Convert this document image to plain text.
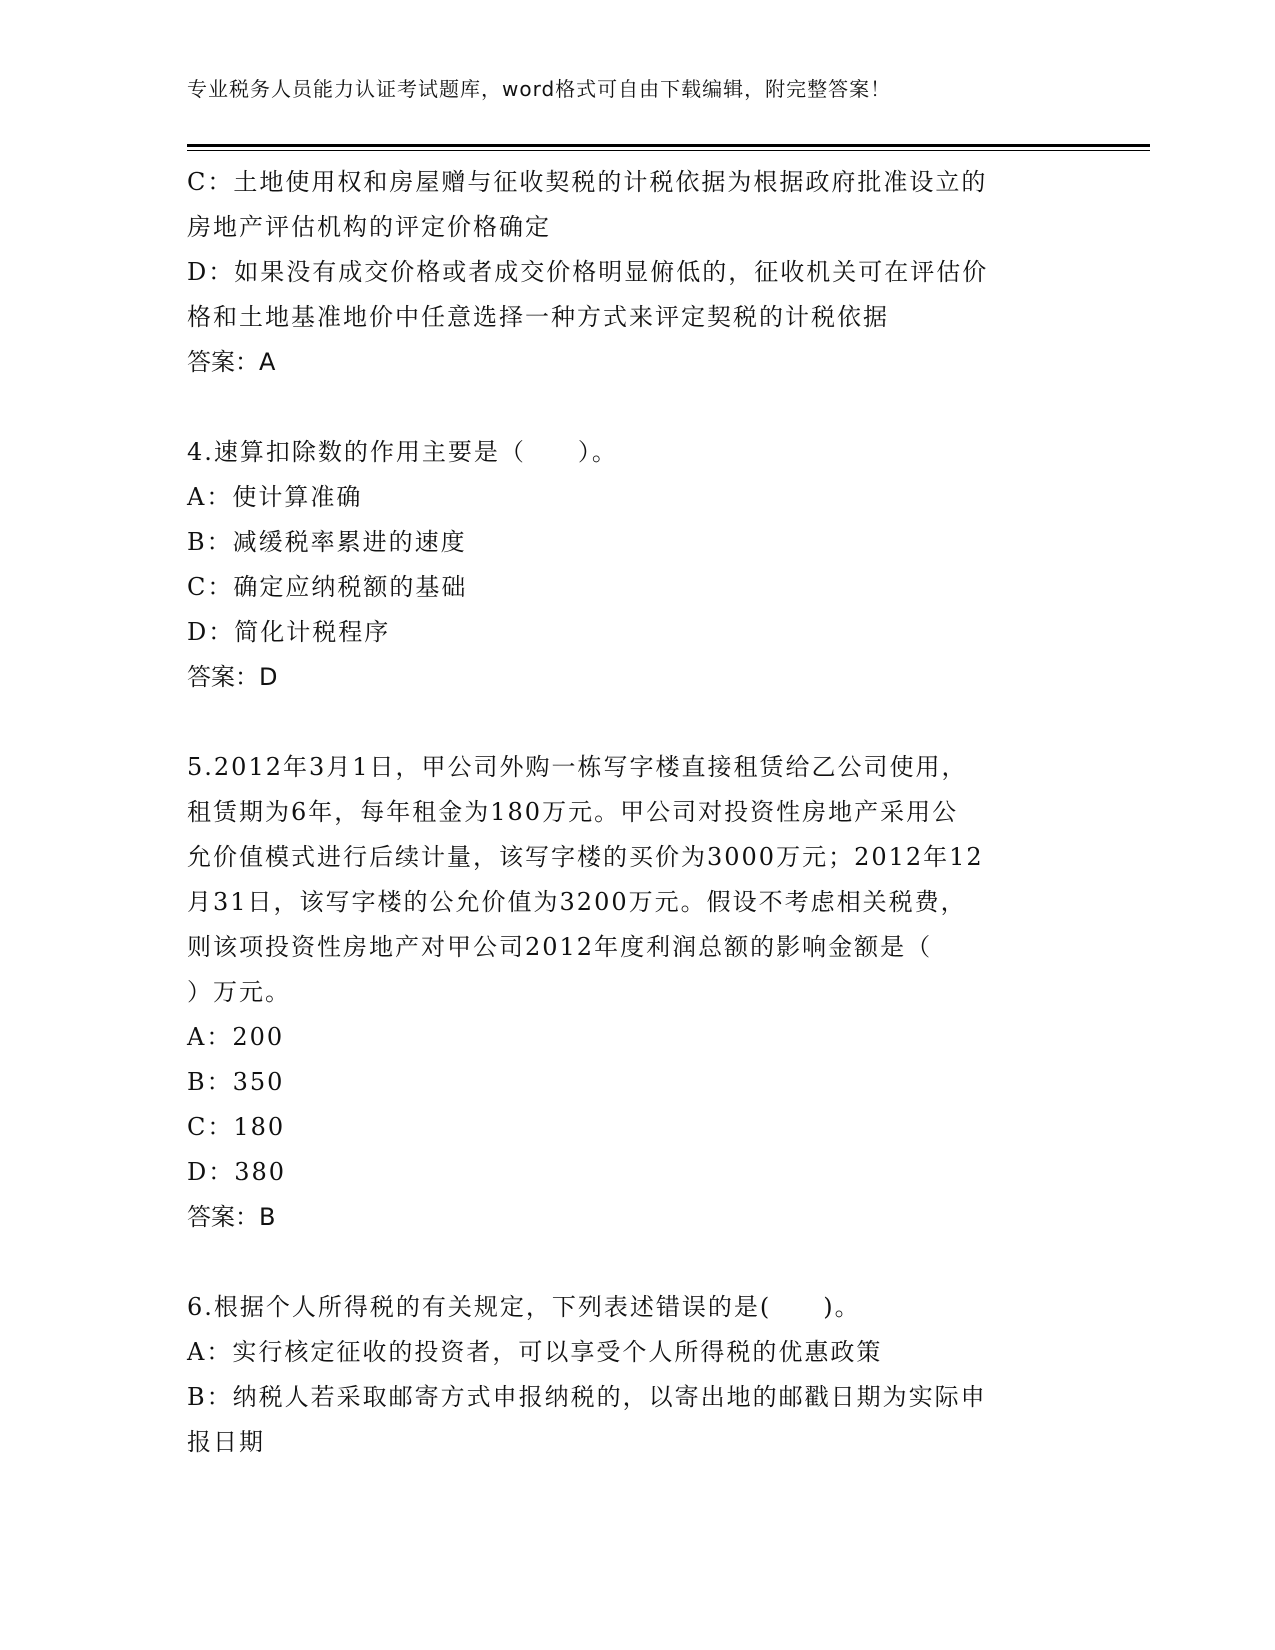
专业税务人员能力认证考试题库，word格式可自由下载编辑，附完整答案！
C：土地使用权和房屋赠与征收契税的计税依据为根据政府批准设立的
房地产评估机构的评定价格确定
D：如果没有成交价格或者成交价格明显俯低的，征收机关可在评估价
格和土地基准地价中任意选择一种方式来评定契税的计税依据
答案：A
4.速算扣除数的作用主要是（　　）。
A：使计算准确
B：减缓税率累进的速度
C：确定应纳税额的基础
D：简化计税程序
答案：D
5.2012年3月1日，甲公司外购一栋写字楼直接租赁给乙公司使用，
租赁期为6年，每年租金为180万元。甲公司对投资性房地产采用公
允价值模式进行后续计量，该写字楼的买价为3000万元；2012年12
月31日，该写字楼的公允价值为3200万元。假设不考虑相关税费，
则该项投资性房地产对甲公司2012年度利润总额的影响金额是（
）万元。
A：200
B：350
C：180
D：380
答案：B
6.根据个人所得税的有关规定，下列表述错误的是(　　)。
A：实行核定征收的投资者，可以享受个人所得税的优惠政策
B：纳税人若采取邮寄方式申报纳税的，以寄出地的邮戳日期为实际申
报日期
